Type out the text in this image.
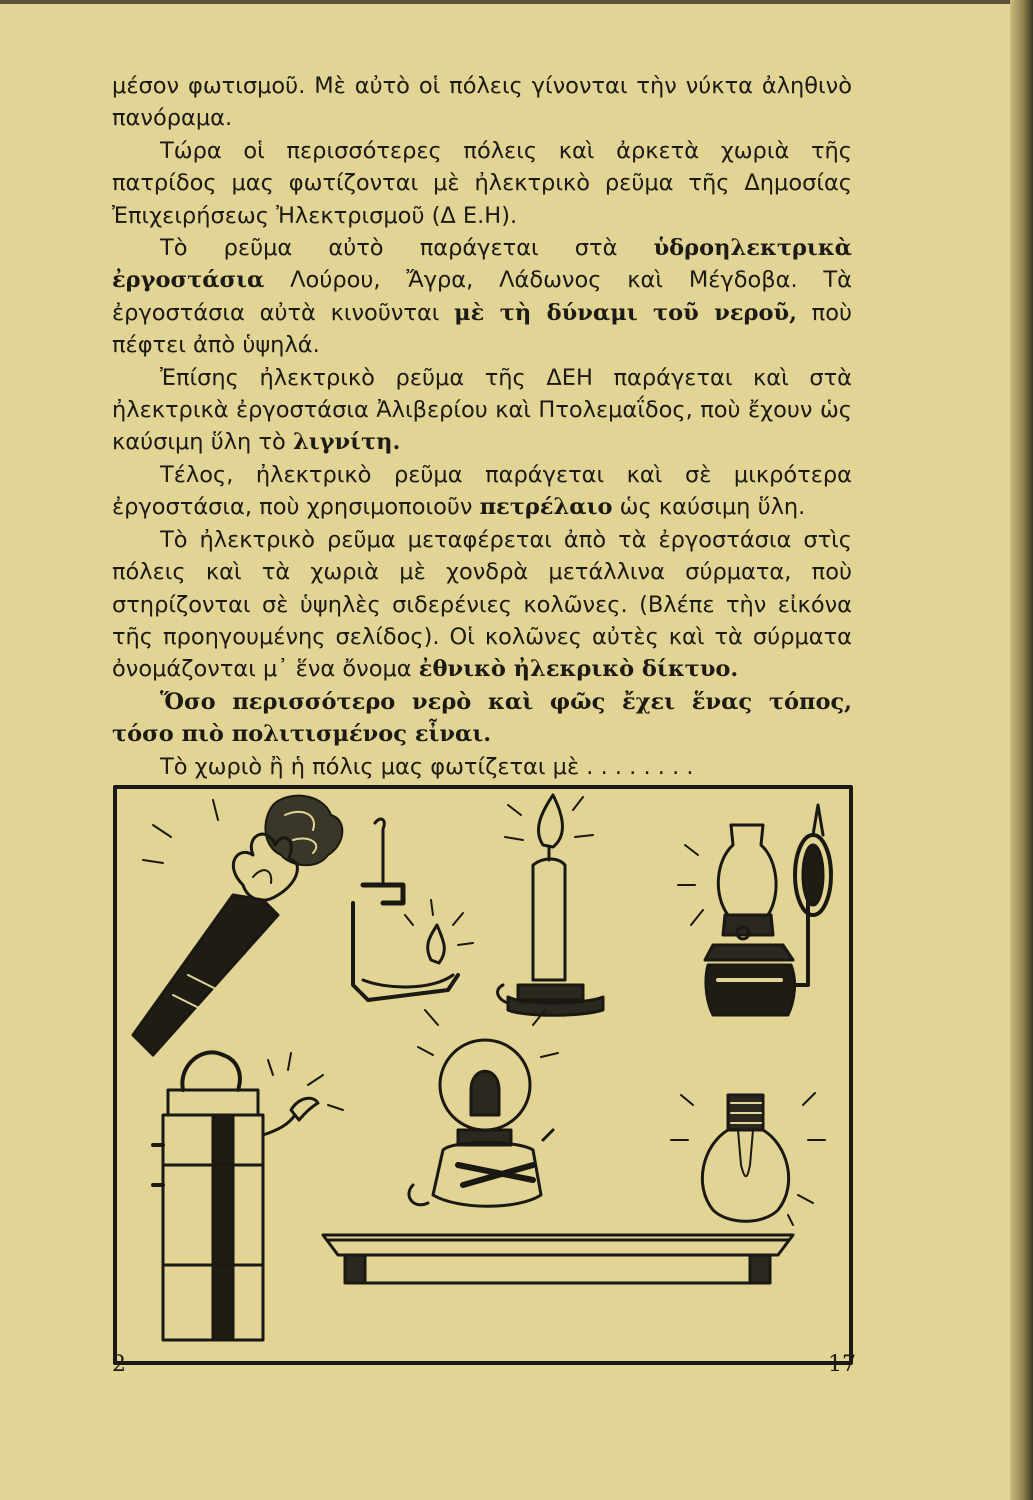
μέσον φωτισμοῦ. Μὲ αὐτὸ οἱ πόλεις γίνονται τὴν νύκτα ἀληθινὸ πανόραμα.

Τώρα οἱ περισσότερες πόλεις καὶ ἀρκετὰ χωριὰ τῆς πατρίδος μας φωτίζονται μὲ ἠλεκτρικὸ ρεῦμα τῆς Δημοσίας Ἐπιχειρήσεως Ἠλεκτρισμοῦ (Δ Ε.Η).

Τὸ ρεῦμα αὐτὸ παράγεται στὰ ὑδροηλεκτρικὰ ἐργοστάσια Λούρου, Ἄγρα, Λάδωνος καὶ Μέγδοβα. Τὰ ἐργοστάσια αὐτὰ κινοῦνται μὲ τὴ δύναμι τοῦ νεροῦ, ποὺ πέφτει ἀπὸ ὑψηλά.

Ἐπίσης ἠλεκτρικὸ ρεῦμα τῆς ΔΕΗ παράγεται καὶ στὰ ἠλεκτρικὰ ἐργοστάσια Ἀλιβερίου καὶ Πτολεμαΐδος, ποὺ ἔχουν ὡς καύσιμη ὕλη τὸ λιγνίτη.

Τέλος, ἠλεκτρικὸ ρεῦμα παράγεται καὶ σὲ μικρότερα ἐργοστάσια, ποὺ χρησιμοποιοῦν πετρέλαιο ὡς καύσιμη ὕλη.

Τὸ ἠλεκτρικὸ ρεῦμα μεταφέρεται ἀπὸ τὰ ἐργοστάσια στὶς πόλεις καὶ τὰ χωριὰ μὲ χονδρὰ μετάλλινα σύρματα, ποὺ στηρίζονται σὲ ὑψηλὲς σιδερένιες κολῶνες. (Βλέπε τὴν εἰκόνα τῆς προηγουμένης σελίδος). Οἱ κολῶνες αὐτὲς καὶ τὰ σύρματα ὀνομάζονται μ᾽ ἕνα ὄνομα ἐθνικὸ ἠλεκρικὸ δίκτυο.

Ὅσο περισσότερο νερὸ καὶ φῶς ἔχει ἕνας τόπος, τόσο πιὸ πολιτισμένος εἶναι.

Τὸ χωριὸ ἢ ἡ πόλις μας φωτίζεται μὲ . . . . . . . .

2	17
